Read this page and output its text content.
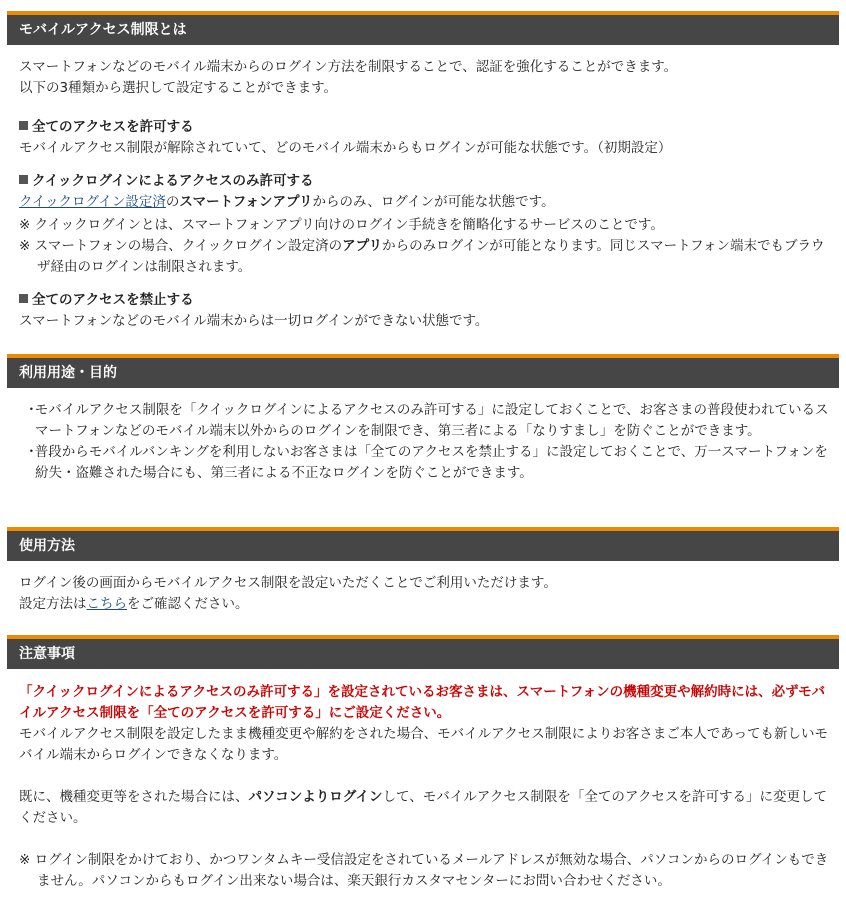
モバイルアクセス制限とは

スマートフォンなどのモバイル端末からのログイン方法を制限することで、認証を強化することができます。

以下の3種類から選択して設定することができます。

全てのアクセスを許可する

モバイルアクセス制限が解除されていて、どのモバイル端末からもログインが可能な状態です。（初期設定）

クイックログインによるアクセスのみ許可する

クイックログイン設定済のスマートフォンアプリからのみ、ログインが可能な状態です。

※ クイックログインとは、スマートフォンアプリ向けのログイン手続きを簡略化するサービスのことです。

※ スマートフォンの場合、クイックログイン設定済のアプリからのみログインが可能となります。同じスマートフォン端末でもブラウザ経由のログインは制限されます。

全てのアクセスを禁止する

スマートフォンなどのモバイル端末からは一切ログインができない状態です。

利用用途・目的

･モバイルアクセス制限を「クイックログインによるアクセスのみ許可する」に設定しておくことで、お客さまの普段使われているスマートフォンなどのモバイル端末以外からのログインを制限でき、第三者による「なりすまし」を防ぐことができます。

･普段からモバイルバンキングを利用しないお客さまは「全てのアクセスを禁止する」に設定しておくことで、万一スマートフォンを紛失・盗難された場合にも、第三者による不正なログインを防ぐことができます。

使用方法

ログイン後の画面からモバイルアクセス制限を設定いただくことでご利用いただけます。

設定方法はこちらをご確認ください。

注意事項

「クイックログインによるアクセスのみ許可する」を設定されているお客さまは、スマートフォンの機種変更や解約時には、必ずモバイルアクセス制限を「全てのアクセスを許可する」にご設定ください。

モバイルアクセス制限を設定したまま機種変更や解約をされた場合、モバイルアクセス制限によりお客さまご本人であっても新しいモバイル端末からログインできなくなります。

既に、機種変更等をされた場合には、パソコンよりログインして、モバイルアクセス制限を「全てのアクセスを許可する」に変更してください。

※ ログイン制限をかけており、かつワンタムキー受信設定をされているメールアドレスが無効な場合、パソコンからのログインもできません。パソコンからもログイン出来ない場合は、楽天銀行カスタマセンターにお問い合わせください。
